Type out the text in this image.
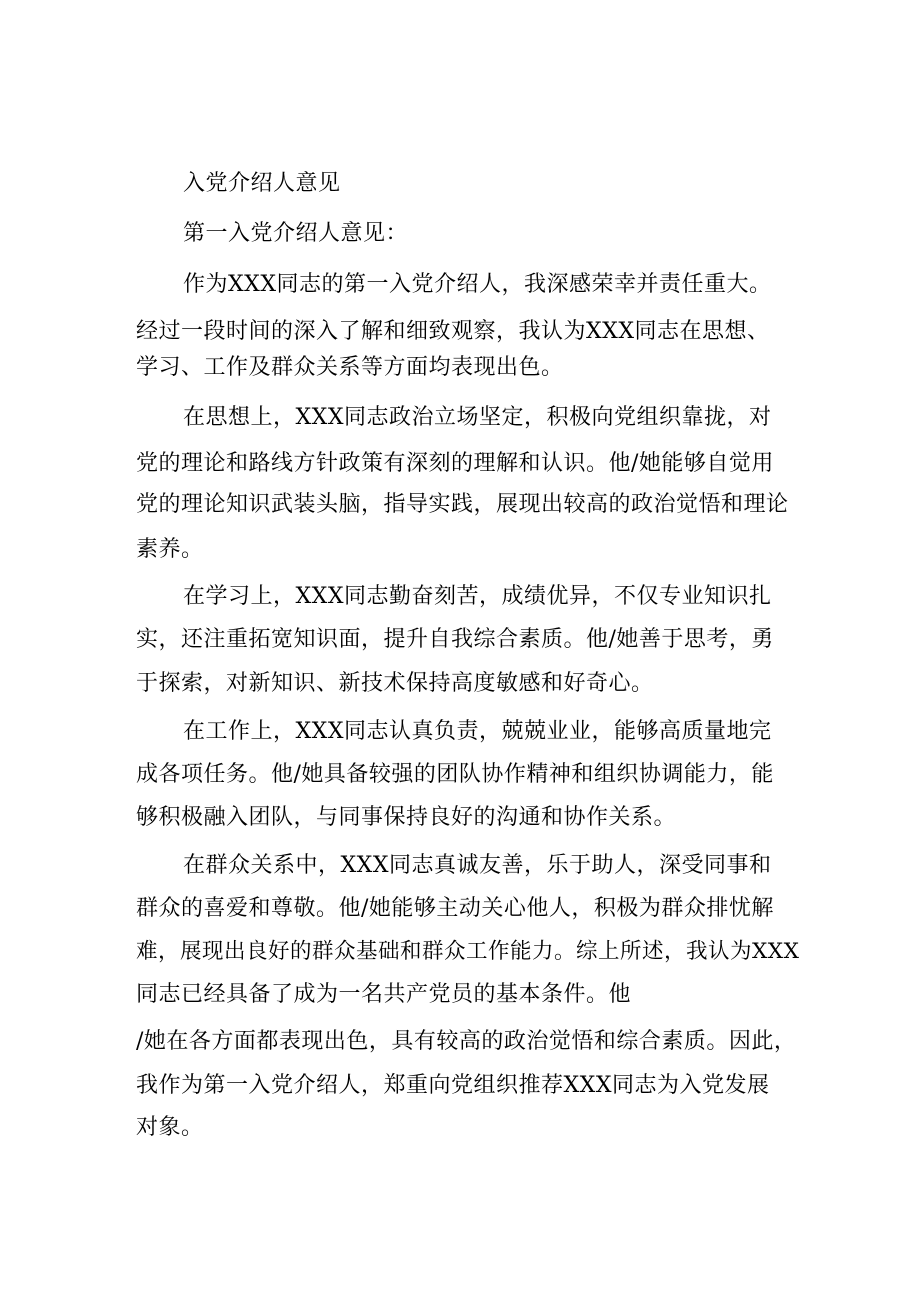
入党介绍人意见

第一入党介绍人意见：

作为XXX同志的第一入党介绍人，我深感荣幸并责任重大。

经过一段时间的深入了解和细致观察，我认为XXX同志在思想、

学习、工作及群众关系等方面均表现出色。

在思想上，XXX同志政治立场坚定，积极向党组织靠拢，对

党的理论和路线方针政策有深刻的理解和认识。他/她能够自觉用

党的理论知识武装头脑，指导实践，展现出较高的政治觉悟和理论

素养。

在学习上，XXX同志勤奋刻苦，成绩优异，不仅专业知识扎

实，还注重拓宽知识面，提升自我综合素质。他/她善于思考，勇

于探索，对新知识、新技术保持高度敏感和好奇心。

在工作上，XXX同志认真负责，兢兢业业，能够高质量地完

成各项任务。他/她具备较强的团队协作精神和组织协调能力，能

够积极融入团队，与同事保持良好的沟通和协作关系。

在群众关系中，XXX同志真诚友善，乐于助人，深受同事和

群众的喜爱和尊敬。他/她能够主动关心他人，积极为群众排忧解

难，展现出良好的群众基础和群众工作能力。综上所述，我认为XXX

同志已经具备了成为一名共产党员的基本条件。他

/她在各方面都表现出色，具有较高的政治觉悟和综合素质。因此，

我作为第一入党介绍人，郑重向党组织推荐XXX同志为入党发展

对象。
